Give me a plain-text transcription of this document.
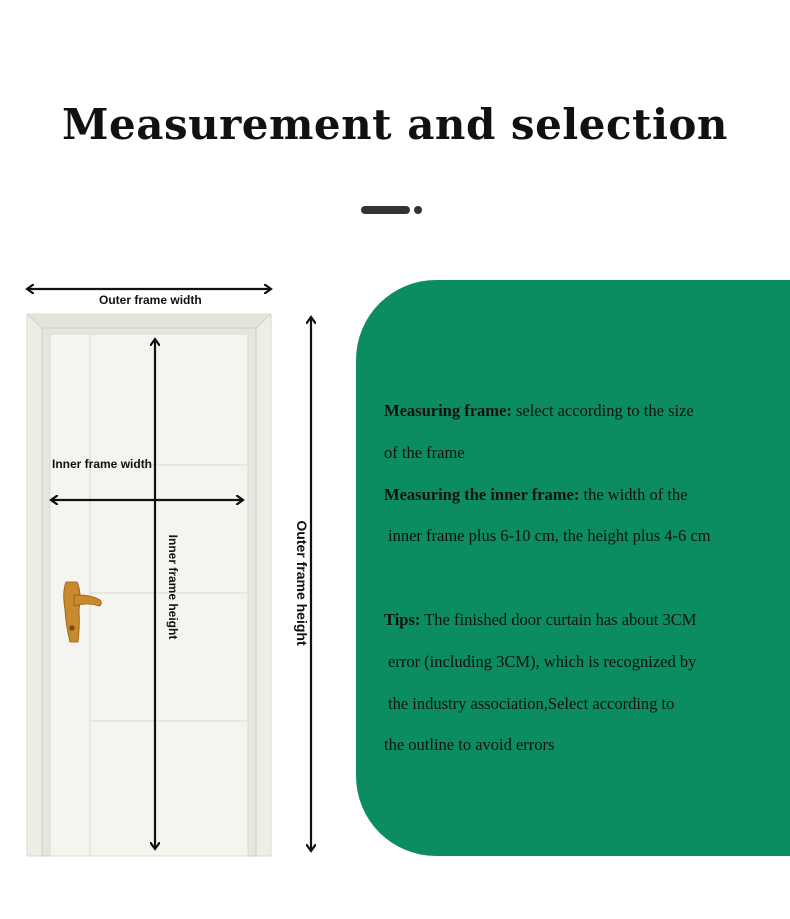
Measurement and selection
Outer frame width
Inner frame width
Inner frame height	Outer frame height

Measuring frame: select according to the size

of the frame

Measuring the inner frame: the width of the

inner frame plus 6-10 cm, the height plus 4-6 cm

Tips: The finished door curtain has about 3CM

error (including 3CM), which is recognized by

the industry association,Select according to

the outline to avoid errors
